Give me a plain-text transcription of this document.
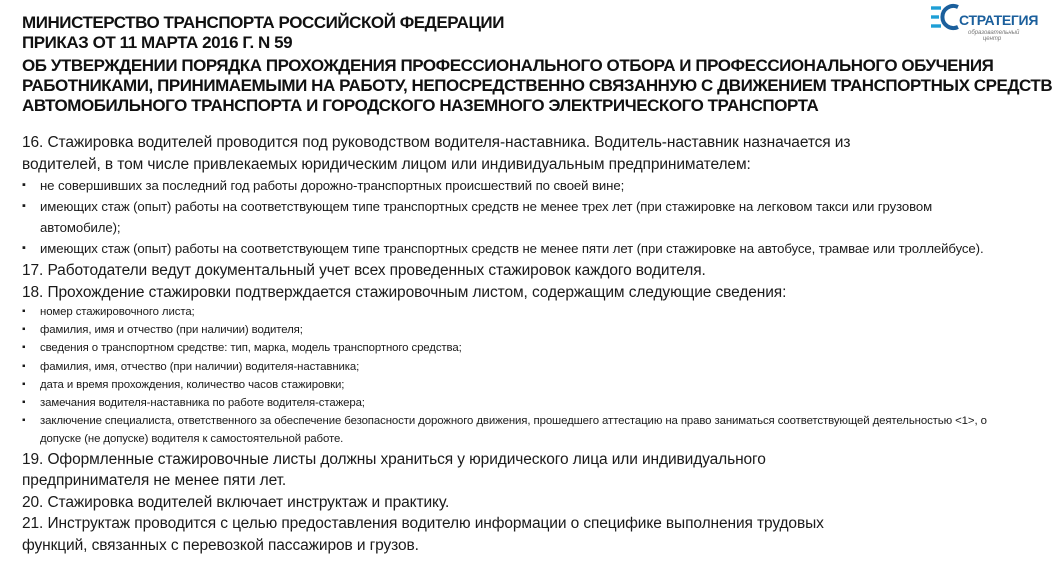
МИНИСТЕРСТВО ТРАНСПОРТА РОССИЙСКОЙ ФЕДЕРАЦИИ
ПРИКАЗ ОТ 11 МАРТА 2016 Г. N 59
ОБ УТВЕРЖДЕНИИ ПОРЯДКА ПРОХОЖДЕНИЯ ПРОФЕССИОНАЛЬНОГО ОТБОРА И ПРОФЕССИОНАЛЬНОГО ОБУЧЕНИЯ
РАБОТНИКАМИ, ПРИНИМАЕМЫМИ НА РАБОТУ, НЕПОСРЕДСТВЕННО СВЯЗАННУЮ С ДВИЖЕНИЕМ ТРАНСПОРТНЫХ СРЕДСТВ
АВТОМОБИЛЬНОГО ТРАНСПОРТА И ГОРОДСКОГО НАЗЕМНОГО ЭЛЕКТРИЧЕСКОГО ТРАНСПОРТА
СТРАТЕГИЯ
образовательный центр

16. Стажировка водителей проводится под руководством водителя-наставника. Водитель-наставник назначается из

водителей, в том числе привлекаемых юридическим лицом или индивидуальным предпринимателем:

▪ не совершивших за последний год работы дорожно-транспортных происшествий по своей вине;
▪ имеющих стаж (опыт) работы на соответствующем типе транспортных средств не менее трех лет (при стажировке на легковом такси или грузовом автомобиле);
▪ имеющих стаж (опыт) работы на соответствующем типе транспортных средств не менее пяти лет (при стажировке на автобусе, трамвае или троллейбусе).

17. Работодатели ведут документальный учет всех проведенных стажировок каждого водителя.

18. Прохождение стажировки подтверждается стажировочным листом, содержащим следующие сведения:

▪ номер стажировочного листа;
▪ фамилия, имя и отчество (при наличии) водителя;
▪ сведения о транспортном средстве: тип, марка, модель транспортного средства;
▪ фамилия, имя, отчество (при наличии) водителя-наставника;
▪ дата и время прохождения, количество часов стажировки;
▪ замечания водителя-наставника по работе водителя-стажера;
▪ заключение специалиста, ответственного за обеспечение безопасности дорожного движения, прошедшего аттестацию на право заниматься соответствующей деятельностью <1>, о допуске (не допуске) водителя к самостоятельной работе.

19. Оформленные стажировочные листы должны храниться у юридического лица или индивидуального

предпринимателя не менее пяти лет.

20. Стажировка водителей включает инструктаж и практику.

21. Инструктаж проводится с целью предоставления водителю информации о специфике выполнения трудовых

функций, связанных с перевозкой пассажиров и грузов.
